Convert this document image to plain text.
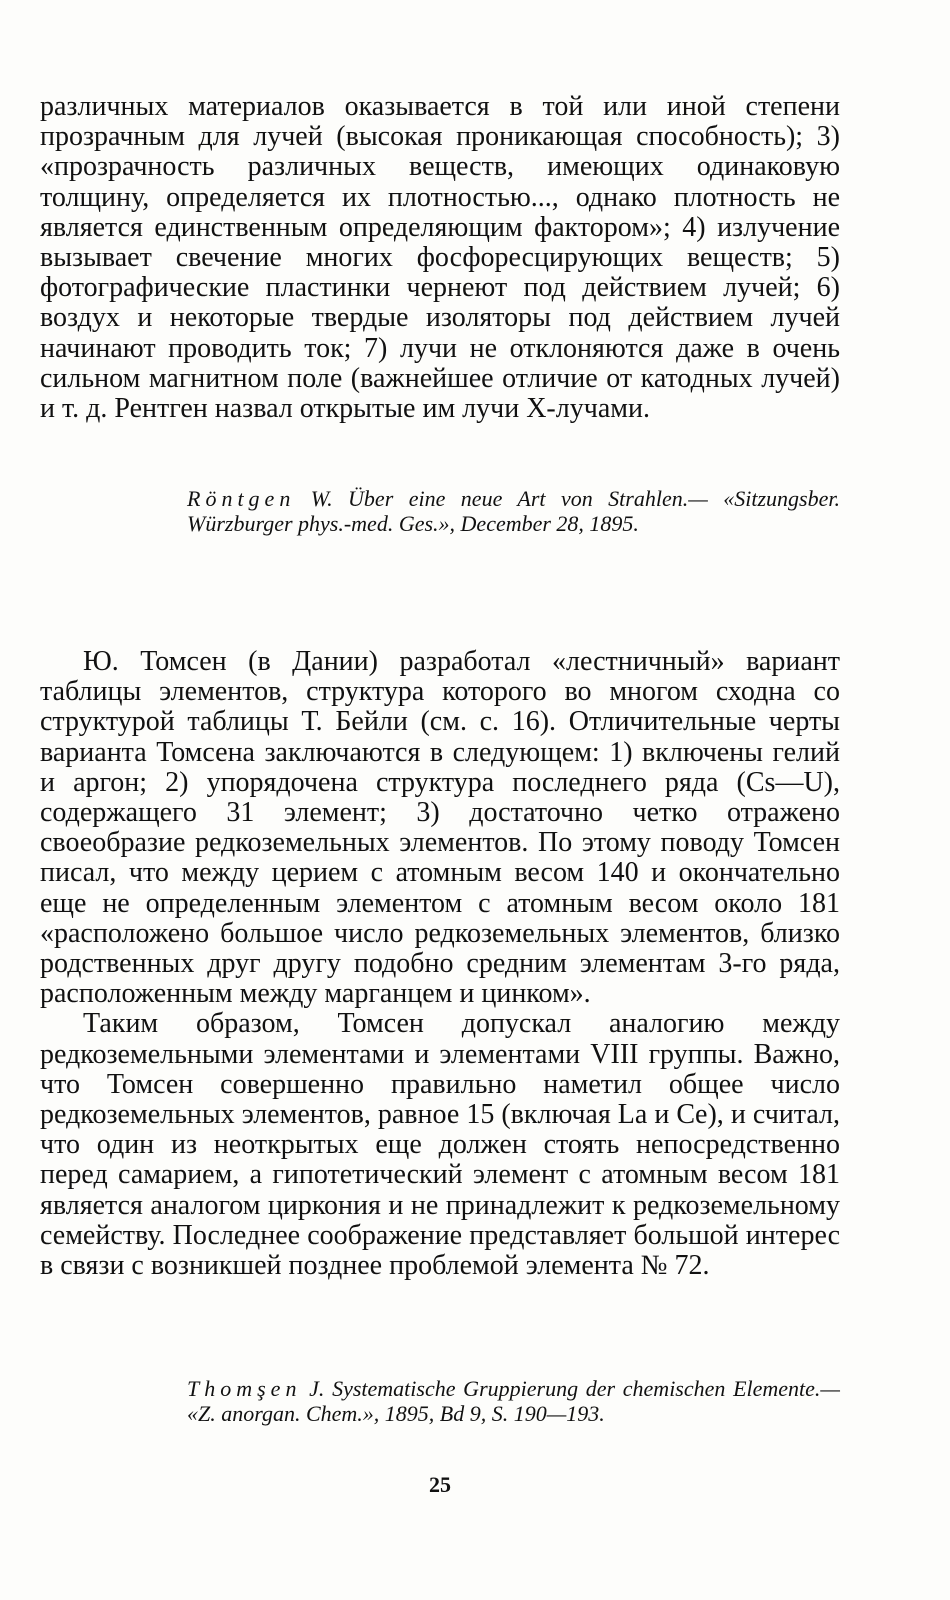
различных материалов оказывается в той или иной степени прозрачным для лучей (высокая проникающая способность); 3) «прозрачность различных веществ, имеющих одинаковую толщину, определяется их плотностью..., однако плотность не является единственным определяющим фактором»; 4) излучение вызывает свечение многих фосфоресцирующих веществ; 5) фотографические пластинки чернеют под действием лучей; 6) воздух и некоторые твердые изоляторы под действием лучей начинают проводить ток; 7) лучи не отклоняются даже в очень сильном магнитном поле (важнейшее отличие от катодных лучей) и т. д. Рентген назвал открытые им лучи X-лучами.

Röntgen W. Über eine neue Art von Strahlen.— «Sitzungsber. Würzburger phys.-med. Ges.», December 28, 1895.

Ю. Томсен (в Дании) разработал «лестничный» вариант таблицы элементов, структура которого во многом сходна со структурой таблицы Т. Бейли (см. с. 16). Отличительные черты варианта Томсена заключаются в следующем: 1) включены гелий и аргон; 2) упорядочена структура последнего ряда (Cs—U), содержащего 31 элемент; 3) достаточно четко отражено своеобразие редкоземельных элементов. По этому поводу Томсен писал, что между церием с атомным весом 140 и окончательно еще не определенным элементом с атомным весом около 181 «расположено большое число редкоземельных элементов, близко родственных друг другу подобно средним элементам 3-го ряда, расположенным между марганцем и цинком».

Таким образом, Томсен допускал аналогию между редкоземельными элементами и элементами VIII группы. Важно, что Томсен совершенно правильно наметил общее число редкоземельных элементов, равное 15 (включая La и Ce), и считал, что один из неоткрытых еще должен стоять непосредственно перед самарием, а гипотетический элемент с атомным весом 181 является аналогом циркония и не принадлежит к редкоземельному семейству. Последнее соображение представляет большой интерес в связи с возникшей позднее проблемой элемента № 72.

Thomşen J. Systematische Gruppierung der chemischen Elemente.— «Z. anorgan. Chem.», 1895, Bd 9, S. 190—193.
25
